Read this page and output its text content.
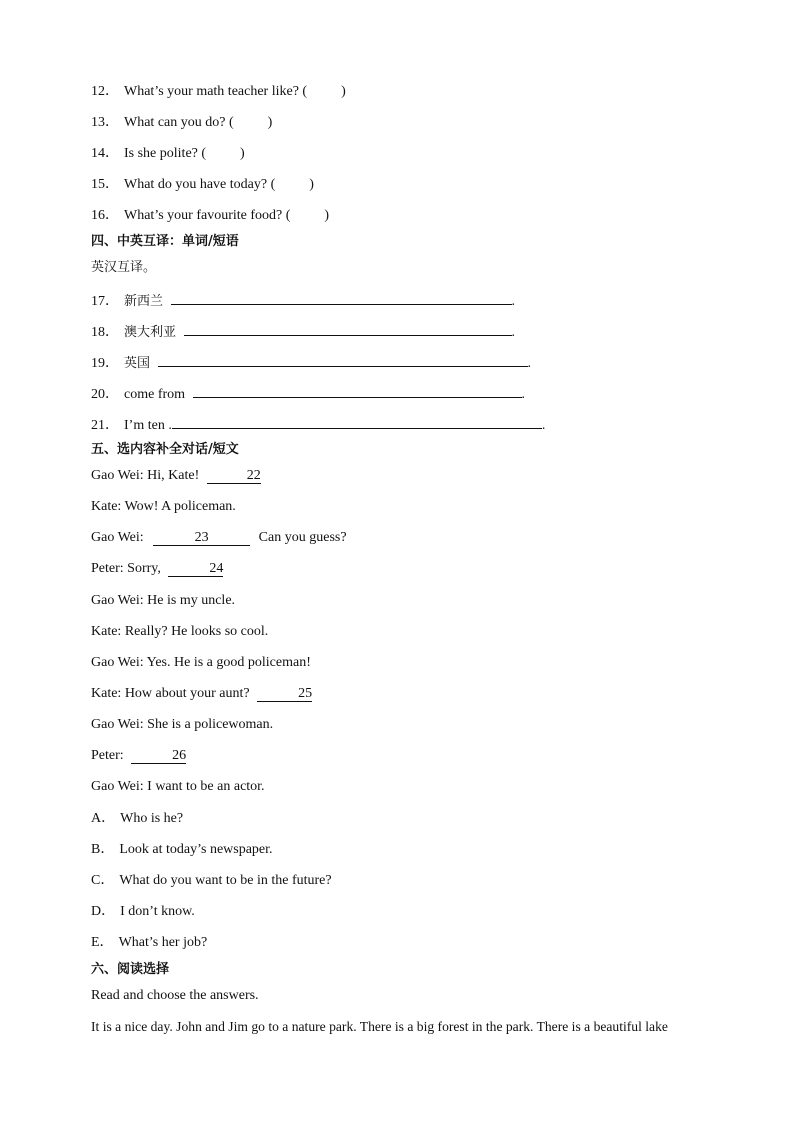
12． What’s your math teacher like? ( )
13． What can you do? ( )
14． Is she polite? ( )
15． What do you have today? ( )
16． What’s your favourite food? ( )
四、中英互译：单词/短语
英汉互译。
17． 新西兰	.
18． 澳大利亚	.
19． 英国	.
20． come from	.
21． I’m ten .	.
五、选内容补全对话/短文
Gao Wei: Hi, Kate!	22
Kate: Wow! A policeman.
Gao Wei:	23	Can you guess?
Peter: Sorry,	24
Gao Wei: He is my uncle.
Kate: Really? He looks so cool.
Gao Wei: Yes. He is a good policeman!
Kate: How about your aunt?	25
Gao Wei: She is a policewoman.
Peter:	26
Gao Wei: I want to be an actor.
A． Who is he?
B． Look at today’s newspaper.
C． What do you want to be in the future?
D． I don’t know.
E． What’s her job?
六、阅读选择
Read and choose the answers.
It is a nice day. John and Jim go to a nature park. There is a big forest in the park. There is a beautiful lake
